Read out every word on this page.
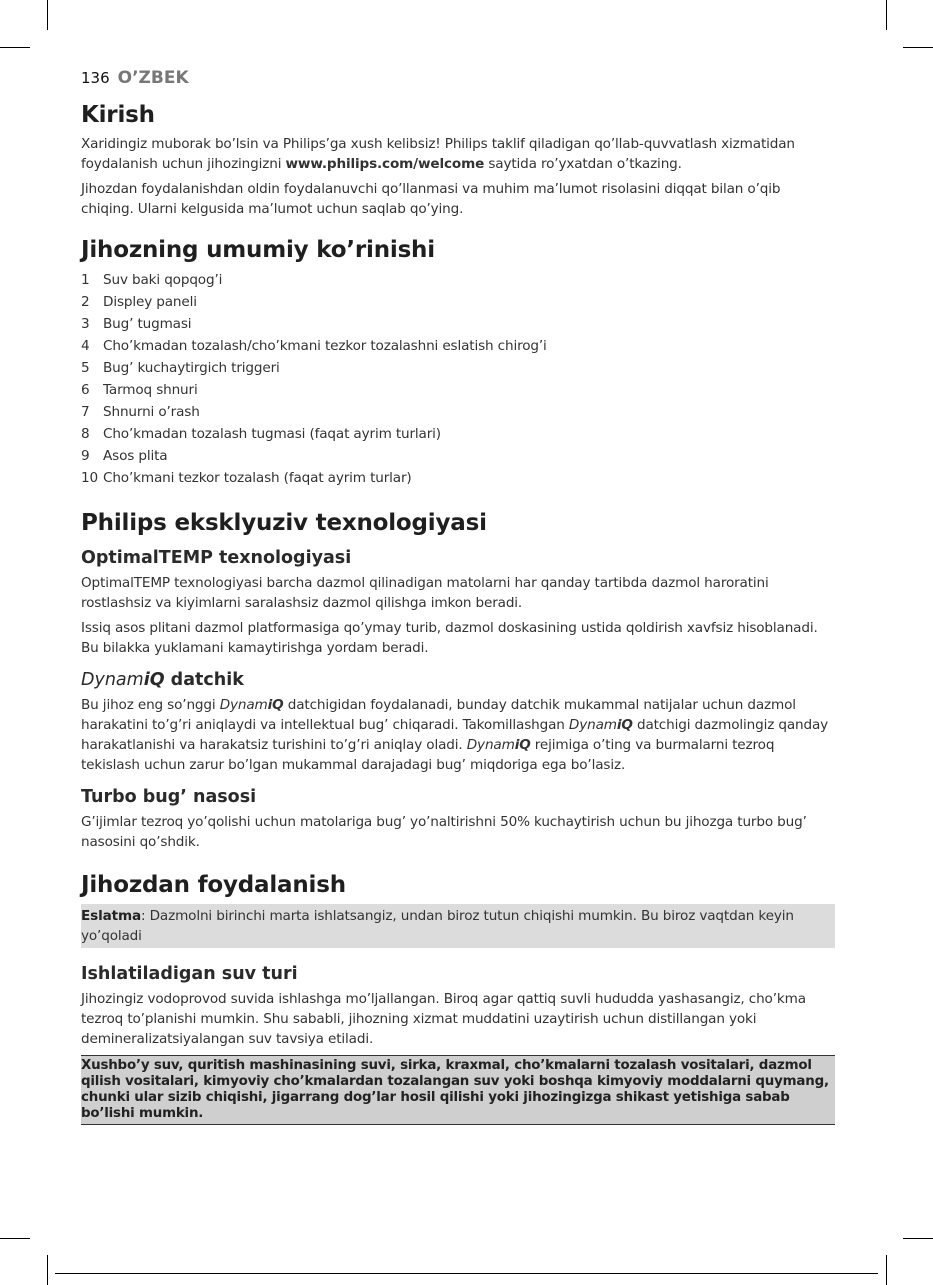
136 O’ZBEK
Kirish

Xaridingiz muborak bo’lsin va Philips’ga xush kelibsiz! Philips taklif qiladigan qo’llab-quvvatlash xizmatidan foydalanish uchun jihozingizni www.philips.com/welcome saytida ro’yxatdan o’tkazing.

Jihozdan foydalanishdan oldin foydalanuvchi qo’llanmasi va muhim ma’lumot risolasini diqqat bilan o’qib chiqing. Ularni kelgusida ma’lumot uchun saqlab qo’ying.

Jihozning umumiy ko’rinishi
1 Suv baki qopqog’i
2 Displey paneli
3 Bug’ tugmasi
4 Cho’kmadan tozalash/cho’kmani tezkor tozalashni eslatish chirog’i
5 Bug’ kuchaytirgich triggeri
6 Tarmoq shnuri
7 Shnurni o’rash
8 Cho’kmadan tozalash tugmasi (faqat ayrim turlari)
9 Asos plita
10 Cho’kmani tezkor tozalash (faqat ayrim turlar)
Philips eksklyuziv texnologiyasi
OptimalTEMP texnologiyasi

OptimalTEMP texnologiyasi barcha dazmol qilinadigan matolarni har qanday tartibda dazmol haroratini rostlashsiz va kiyimlarni saralashsiz dazmol qilishga imkon beradi.

Issiq asos plitani dazmol platformasiga qo’ymay turib, dazmol doskasining ustida qoldirish xavfsiz hisoblanadi. Bu bilakka yuklamani kamaytirishga yordam beradi.

DynamiQ datchik

Bu jihoz eng so’nggi DynamiQ datchigidan foydalanadi, bunday datchik mukammal natijalar uchun dazmol harakatini to’g’ri aniqlaydi va intellektual bug’ chiqaradi. Takomillashgan DynamiQ datchigi dazmolingiz qanday harakatlanishi va harakatsiz turishini to’g’ri aniqlay oladi. DynamiQ rejimiga o’ting va burmalarni tezroq tekislash uchun zarur bo’lgan mukammal darajadagi bug’ miqdoriga ega bo’lasiz.

Turbo bug’ nasosi

G’ijimlar tezroq yo’qolishi uchun matolariga bug’ yo’naltirishni 50% kuchaytirish uchun bu jihozga turbo bug’ nasosini qo’shdik.

Jihozdan foydalanish
Eslatma: Dazmolni birinchi marta ishlatsangiz, undan biroz tutun chiqishi mumkin. Bu biroz vaqtdan keyin yo’qoladi
Ishlatiladigan suv turi

Jihozingiz vodoprovod suvida ishlashga mo’ljallangan. Biroq agar qattiq suvli hududda yashasangiz, cho’kma tezroq to’planishi mumkin. Shu sababli, jihozning xizmat muddatini uzaytirish uchun distillangan yoki demineralizatsiyalangan suv tavsiya etiladi.

Xushbo’y suv, quritish mashinasining suvi, sirka, kraxmal, cho’kmalarni tozalash vositalari, dazmol qilish vositalari, kimyoviy cho’kmalardan tozalangan suv yoki boshqa kimyoviy moddalarni quymang, chunki ular sizib chiqishi, jigarrang dog’lar hosil qilishi yoki jihozingizga shikast yetishiga sabab bo’lishi mumkin.
